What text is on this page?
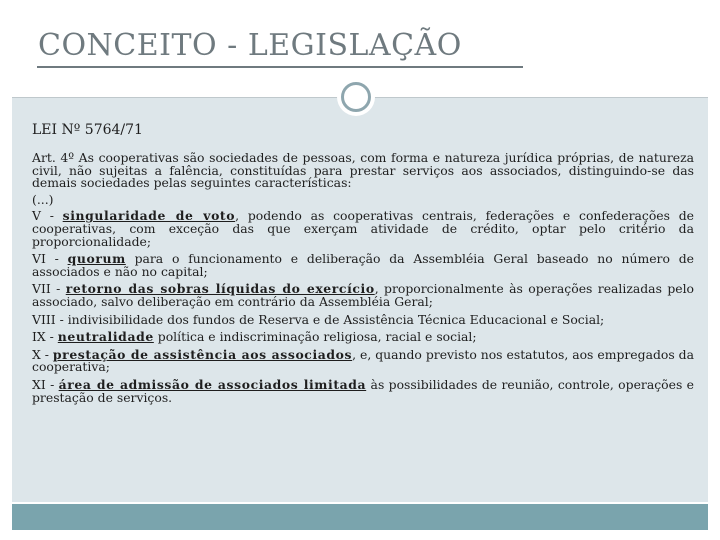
CONCEITO - LEGISLAÇÃO
LEI Nº 5764/71

Art. 4º As cooperativas são sociedades de pessoas, com forma e natureza jurídica próprias, de natureza civil, não sujeitas a falência, constituídas para prestar serviços aos associados, distinguindo-se das demais sociedades pelas seguintes características:

(...)

V - singularidade de voto, podendo as cooperativas centrais, federações e confederações de cooperativas, com exceção das que exerçam atividade de crédito, optar pelo critério da proporcionalidade;

VI - quorum para o funcionamento e deliberação da Assembléia Geral baseado no número de associados e não no capital;

VII - retorno das sobras líquidas do exercício, proporcionalmente às operações realizadas pelo associado, salvo deliberação em contrário da Assembléia Geral;

VIII - indivisibilidade dos fundos de Reserva e de Assistência Técnica Educacional e Social;

IX - neutralidade política e indiscriminação religiosa, racial e social;

X - prestação de assistência aos associados, e, quando previsto nos estatutos, aos empregados da cooperativa;

XI - área de admissão de associados limitada às possibilidades de reunião, controle, operações e prestação de serviços.
